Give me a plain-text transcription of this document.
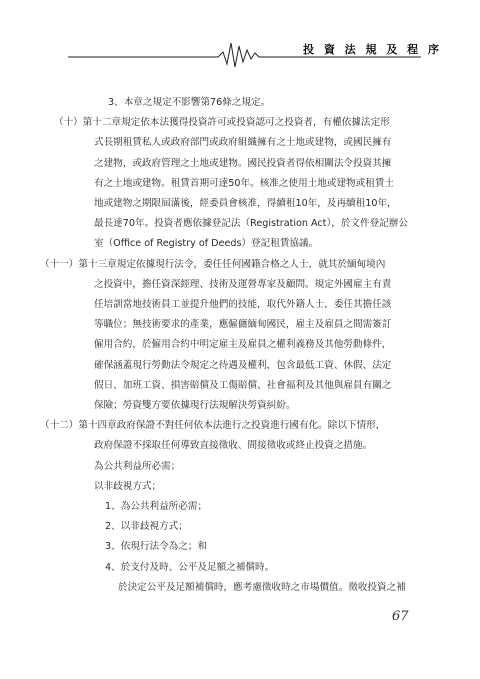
投 資 法 規 及 程 序
3、本章之規定不影響第76條之規定。
（十）第十二章規定依本法獲得投資許可或投資認可之投資者，有權依據法定形
式長期租賃私人或政府部門或政府組織擁有之土地或建物，或國民擁有
之建物，或政府管理之土地或建物。國民投資者得依相關法令投資其擁
有之土地或建物。租賃首期可達50年。核准之使用土地或建物或租賃土
地或建物之期限屆滿後，經委員會核准，得續租10年，及再續租10年，
最長達70年。投資者應依據登記法（Registration Act），於文件登記辦公
室（Office of Registry of Deeds）登記租賃協議。
（十一）第十三章規定依據現行法令，委任任何國籍合格之人士，就其於緬甸境內
之投資中，擔任資深經理、技術及運營專家及顧問。規定外國雇主有責
任培訓當地技術員工並提升他們的技能，取代外籍人士，委任其擔任該
等職位；無技術要求的產業，應僱傭緬甸國民，雇主及雇員之間需簽訂
僱用合約，於僱用合約中明定雇主及雇員之權利義務及其他勞動條件，
確保涵蓋現行勞動法令規定之待遇及權利，包含最低工資、休假、法定
假日、加班工資、損害賠償及工傷賠償、社會福利及其他與雇員有關之
保險；勞資雙方要依據現行法規解決勞資糾紛。
（十二）第十四章政府保證不對任何依本法進行之投資進行國有化。除以下情形，
政府保證不採取任何導致直接徵收、間接徵收或終止投資之措施。
為公共利益所必需；
以非歧視方式；
1、為公共利益所必需；
2、以非歧視方式；
3、依現行法令為之；和
4、於支付及時、公平及足額之補償時。
於決定公平及足額補償時，應考慮徵收時之市場價值。徵收投資之補
67
